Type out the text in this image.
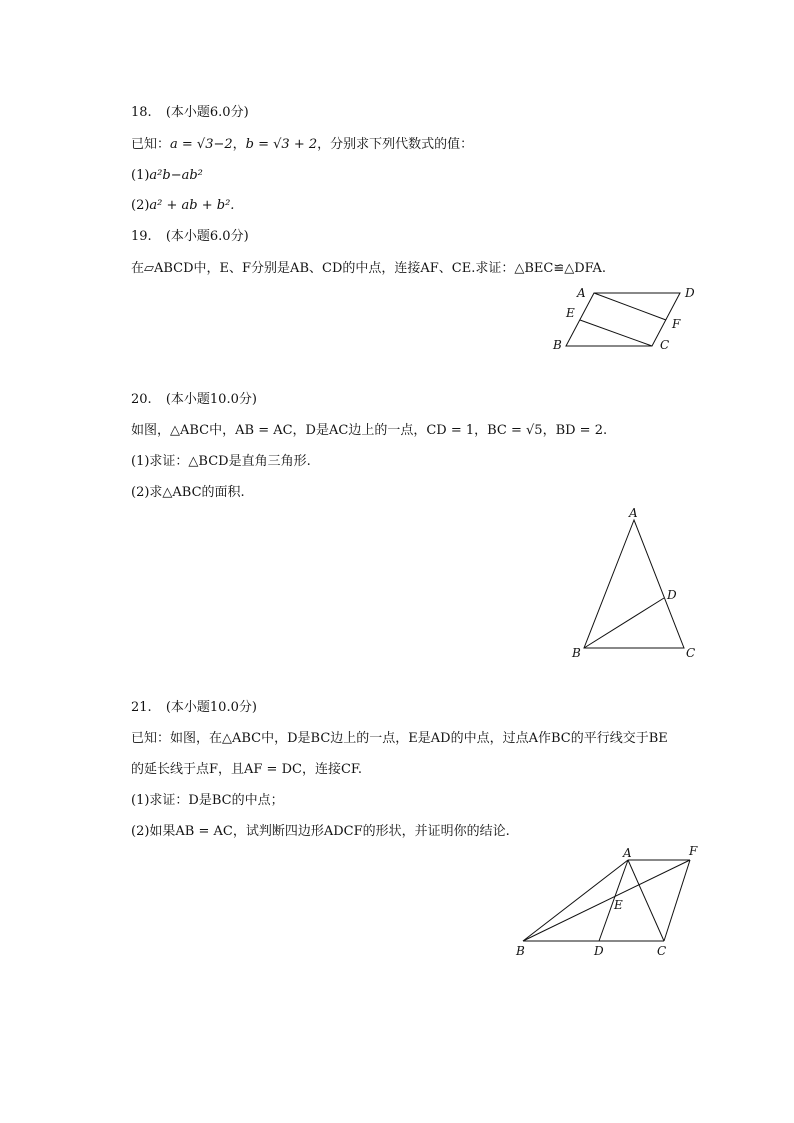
18. (本小题6.0分)
已知：a = √3−2，b = √3 + 2，分别求下列代数式的值：
(1)a²b−ab²
(2)a² + ab + b².
19. (本小题6.0分)
在▱ABCD中，E、F分别是AB、CD的中点，连接AF、CE.求证：△BEC≌△DFA.
A	D
E
F
B	C
A
D
B	C
A	F
E
B	D	C
20. (本小题10.0分)
如图，△ABC中，AB = AC，D是AC边上的一点，CD = 1，BC = √5，BD = 2.
(1)求证：△BCD是直角三角形.
(2)求△ABC的面积.
21. (本小题10.0分)
已知：如图，在△ABC中，D是BC边上的一点，E是AD的中点，过点A作BC的平行线交于BE
的延长线于点F，且AF = DC，连接CF.
(1)求证：D是BC的中点；
(2)如果AB = AC，试判断四边形ADCF的形状，并证明你的结论.
